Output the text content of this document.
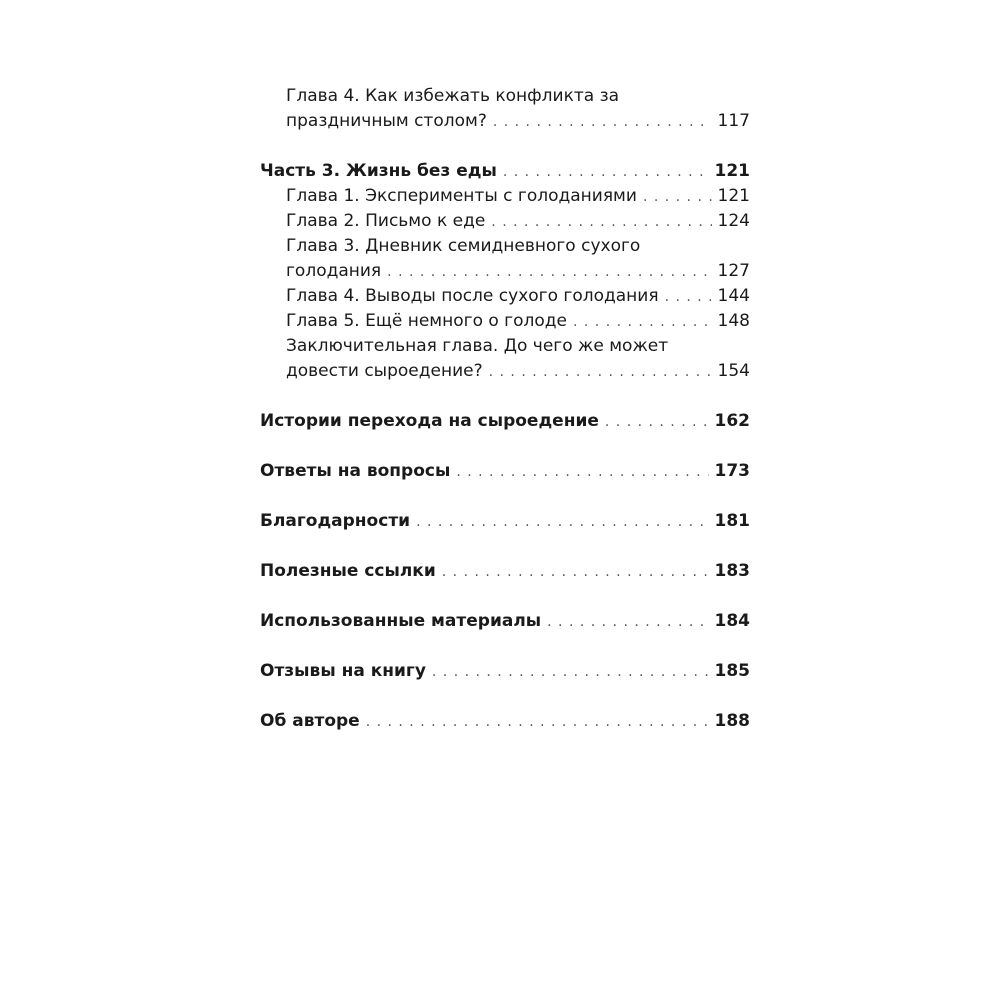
Глава 4. Как избежать конфликта за
праздничным столом? . . .	117
Часть 3. Жизнь без еды . . .	121
Глава 1. Эксперименты с голоданиями . . .	121
Глава 2. Письмо к еде . . .	124
Глава 3. Дневник семидневного сухого
голодания . . .	127
Глава 4. Выводы после сухого голодания . . .	144
Глава 5. Ещё немного о голоде . . .	148
Заключительная глава. До чего же может
довести сыроедение? . . .	154
Истории перехода на сыроедение . . .	162
Ответы на вопросы . . .	173
Благодарности . . .	181
Полезные ссылки . . .	183
Использованные материалы . . .	184
Отзывы на книгу . . .	185
Об авторе . . .	188
